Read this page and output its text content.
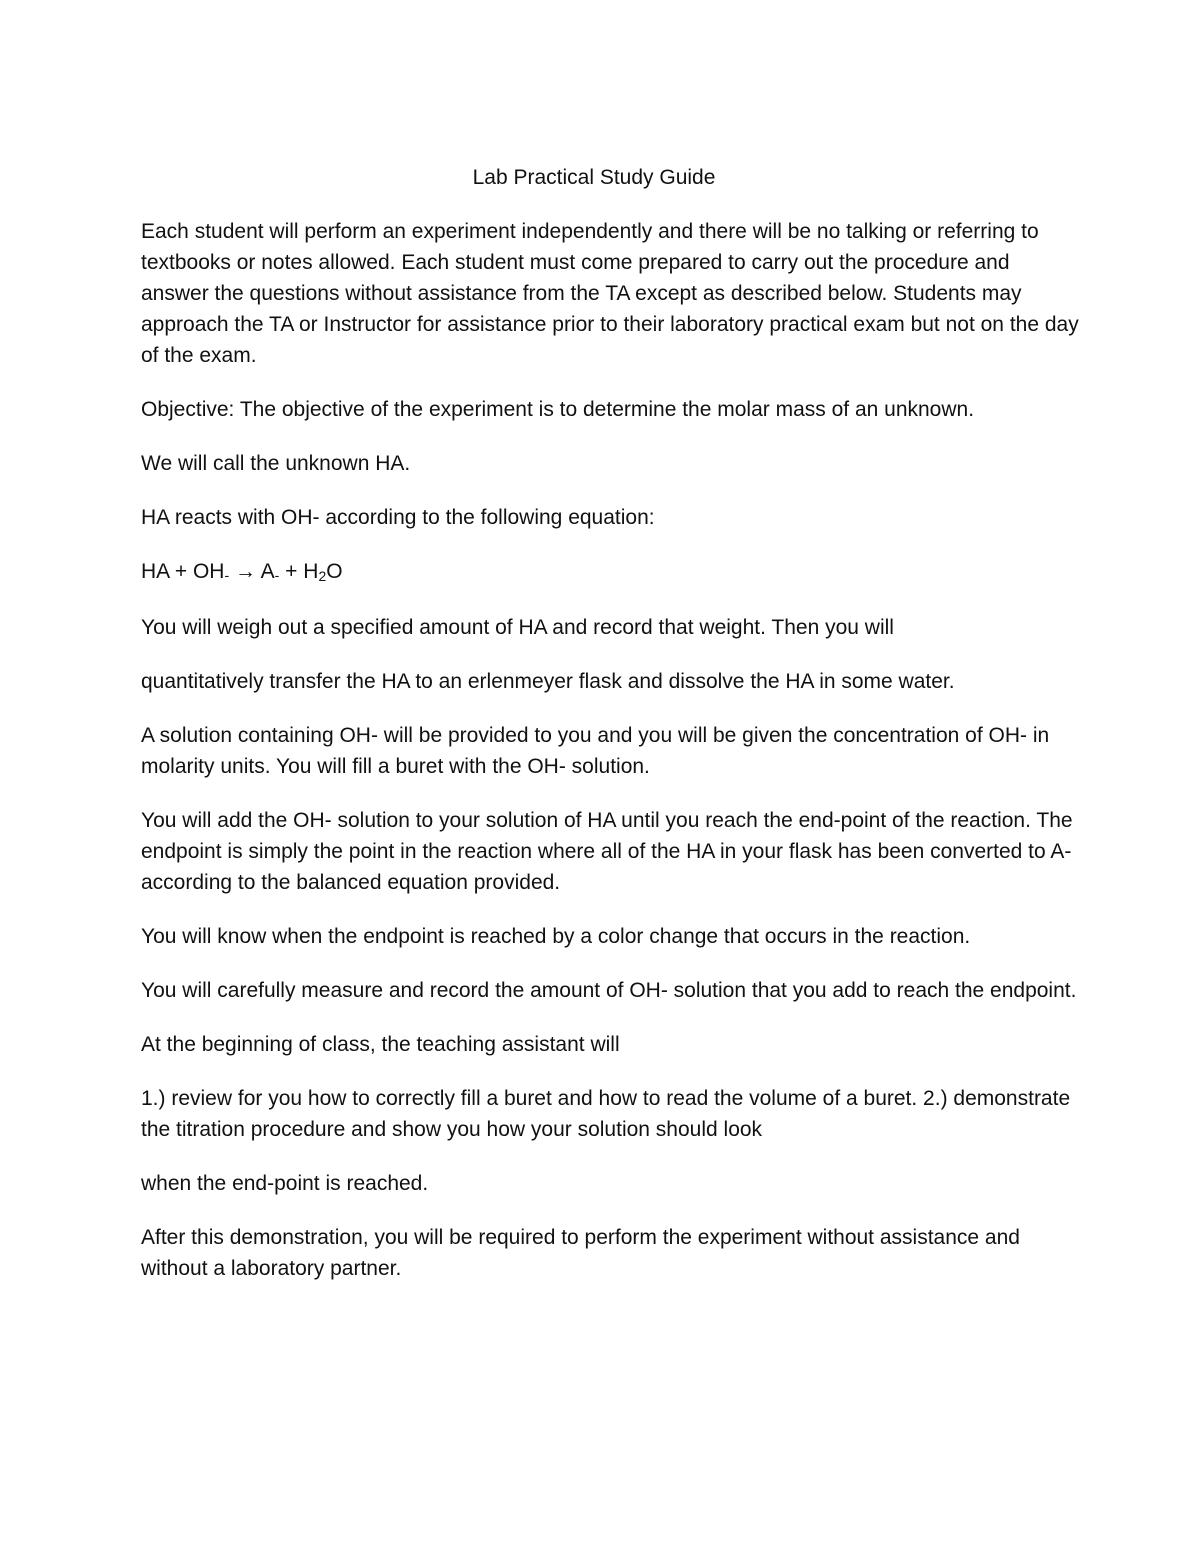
Lab Practical Study Guide

Each student will perform an experiment independently and there will be no talking or referring to textbooks or notes allowed. Each student must come prepared to carry out the procedure and answer the questions without assistance from the TA except as described below. Students may approach the TA or Instructor for assistance prior to their laboratory practical exam but not on the day of the exam.

Objective: The objective of the experiment is to determine the molar mass of an unknown.

We will call the unknown HA.

HA reacts with OH- according to the following equation:

HA + OH- → A- + H2O

You will weigh out a specified amount of HA and record that weight. Then you will

quantitatively transfer the HA to an erlenmeyer flask and dissolve the HA in some water.

A solution containing OH- will be provided to you and you will be given the concentration of OH- in molarity units. You will fill a buret with the OH- solution.

You will add the OH- solution to your solution of HA until you reach the end-point of the reaction. The endpoint is simply the point in the reaction where all of the HA in your flask has been converted to A- according to the balanced equation provided.

You will know when the endpoint is reached by a color change that occurs in the reaction.

You will carefully measure and record the amount of OH- solution that you add to reach the endpoint.

At the beginning of class, the teaching assistant will

1.) review for you how to correctly fill a buret and how to read the volume of a buret. 2.) demonstrate the titration procedure and show you how your solution should look

when the end-point is reached.

After this demonstration, you will be required to perform the experiment without assistance and without a laboratory partner.
